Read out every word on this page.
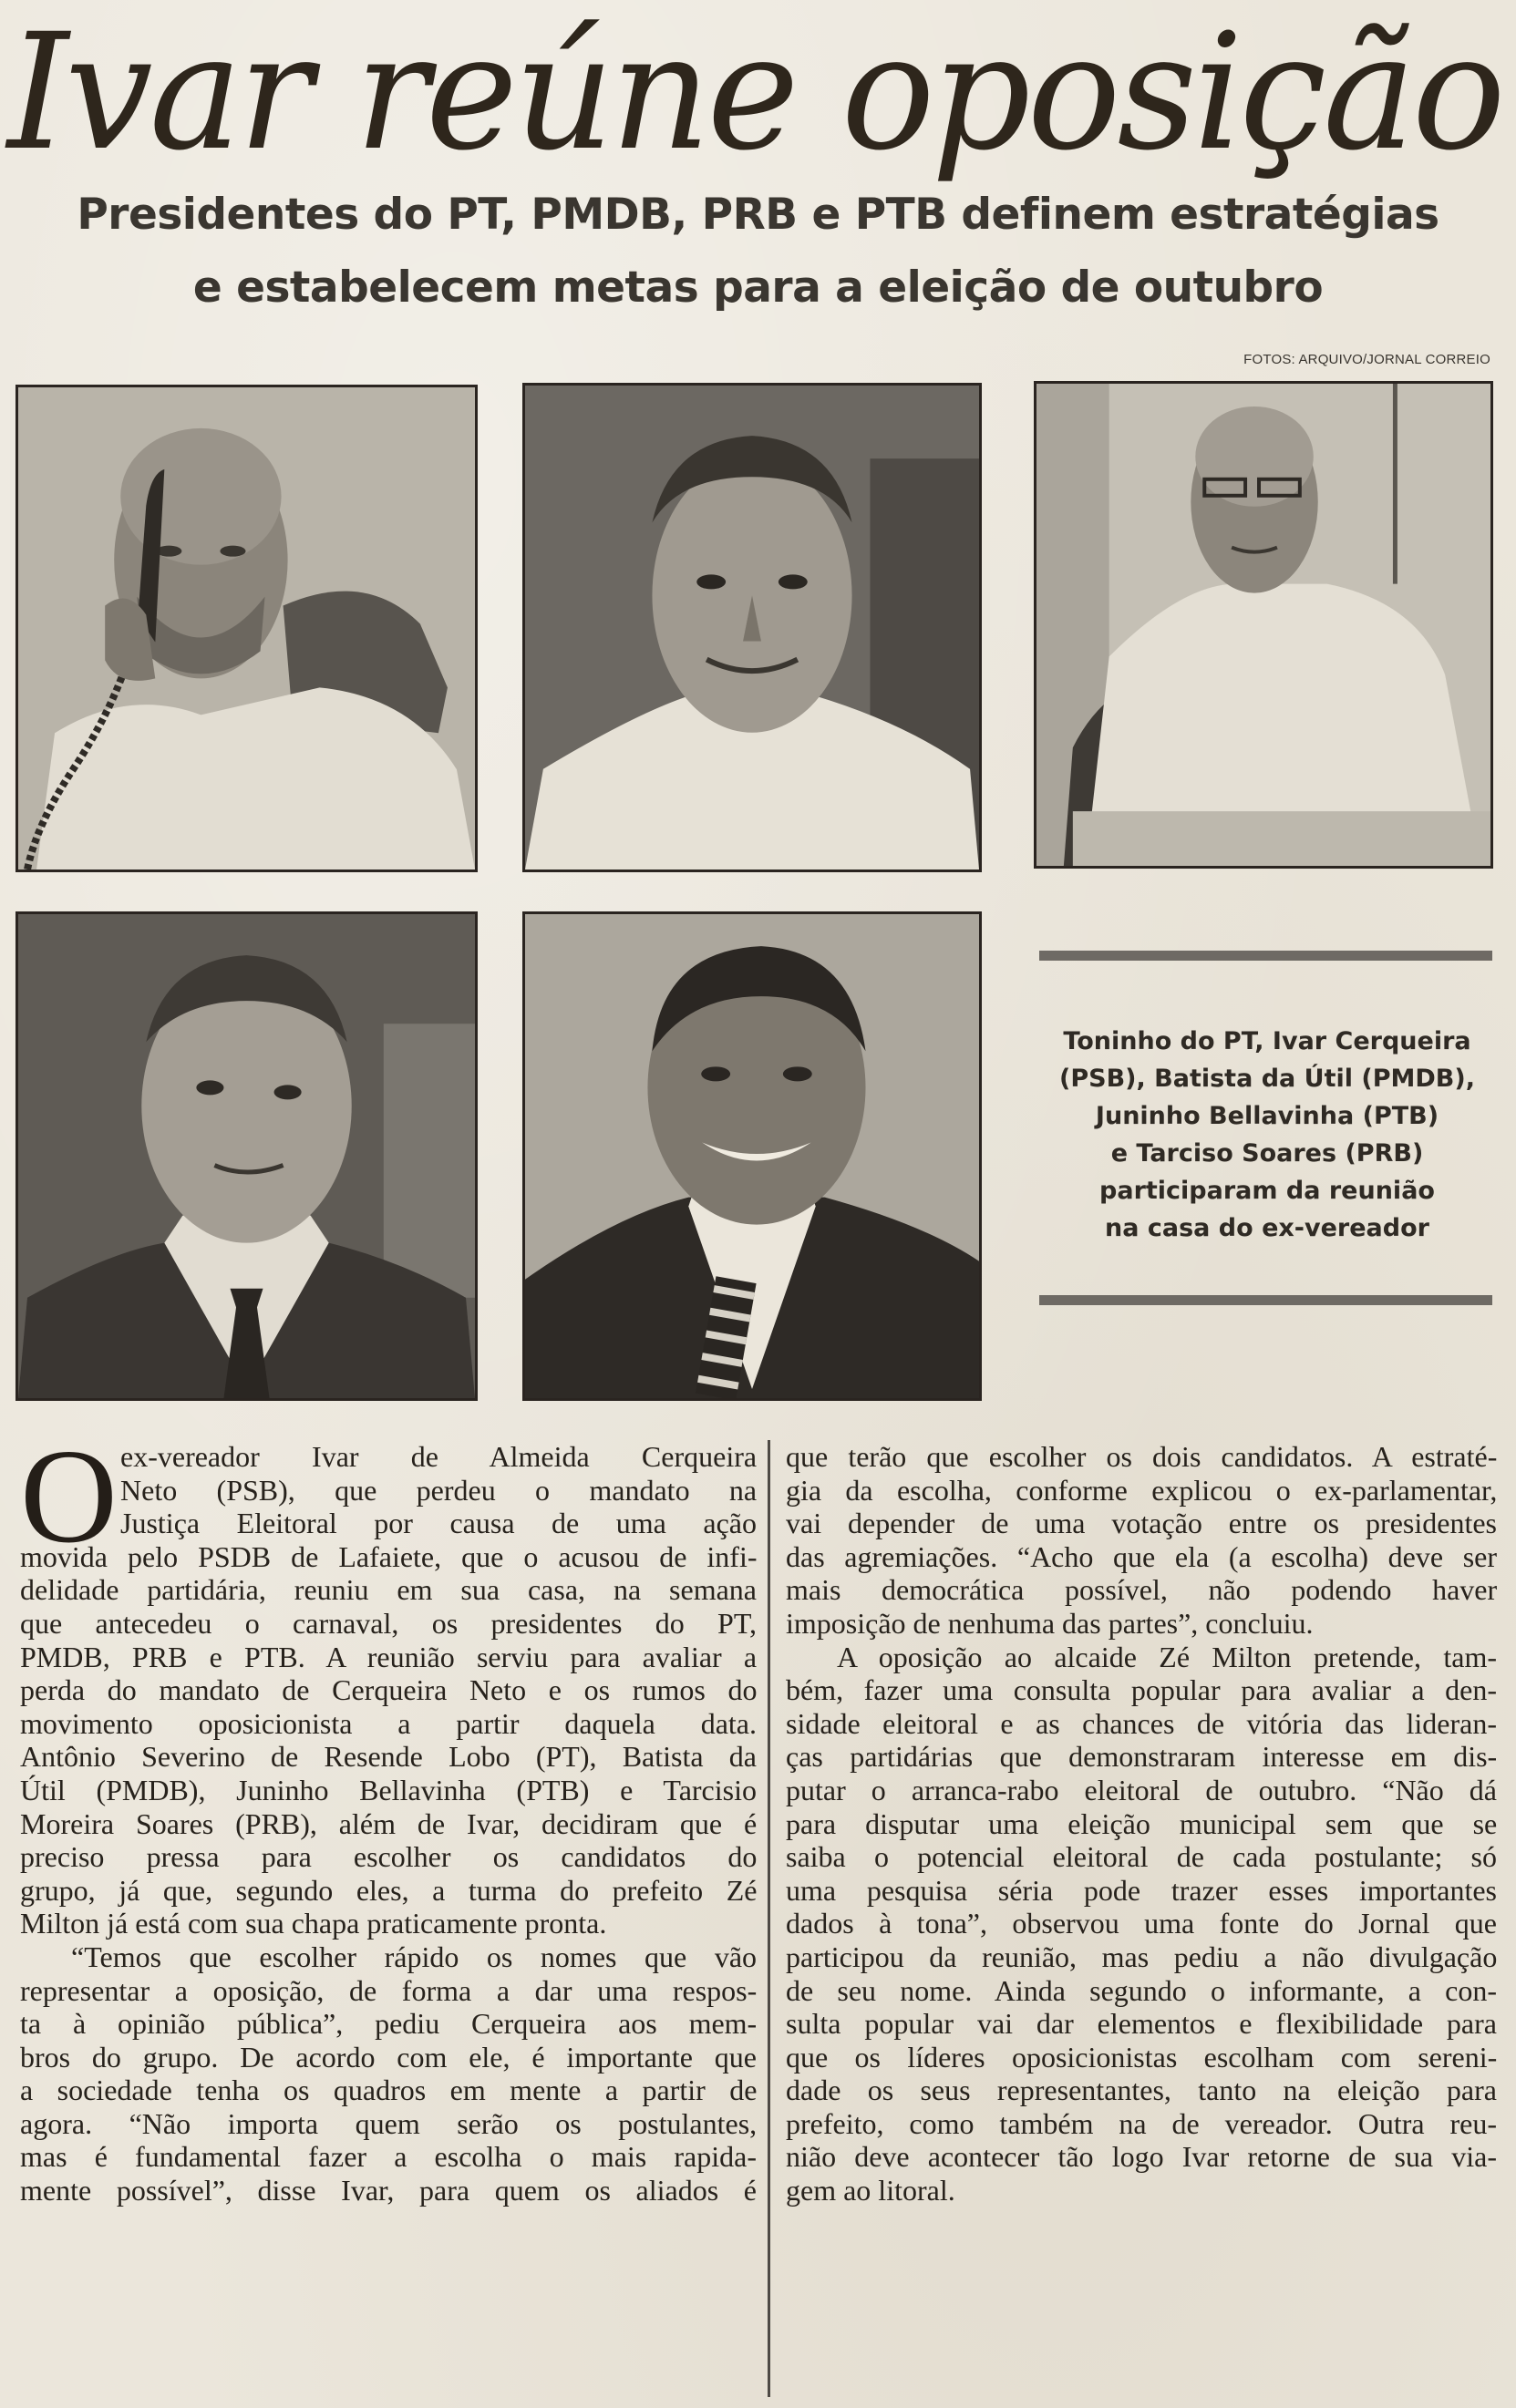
Ivar reúne oposição
Presidentes do PT, PMDB, PRB e PTB definem estratégias
e estabelecem metas para a eleição de outubro
FOTOS: ARQUIVO/JORNAL CORREIO
Toninho do PT, Ivar Cerqueira
(PSB), Batista da Útil (PMDB),
Juninho Bellavinha (PTB)
e Tarciso Soares (PRB)
participaram da reunião
na casa do ex-vereador
O ex-vereador Ivar de Almeida Cerqueira
Neto (PSB), que perdeu o mandato na
Justiça Eleitoral por causa de uma ação
movida pelo PSDB de Lafaiete, que o acusou de infi-
delidade partidária, reuniu em sua casa, na semana
que antecedeu o carnaval, os presidentes do PT,
PMDB, PRB e PTB. A reunião serviu para avaliar a
perda do mandato de Cerqueira Neto e os rumos do
movimento oposicionista a partir daquela data.
Antônio Severino de Resende Lobo (PT), Batista da
Útil (PMDB), Juninho Bellavinha (PTB) e Tarcisio
Moreira Soares (PRB), além de Ivar, decidiram que é
preciso pressa para escolher os candidatos do
grupo, já que, segundo eles, a turma do prefeito Zé
Milton já está com sua chapa praticamente pronta.
“Temos que escolher rápido os nomes que vão
representar a oposição, de forma a dar uma respos-
ta à opinião pública”, pediu Cerqueira aos mem-
bros do grupo. De acordo com ele, é importante que
a sociedade tenha os quadros em mente a partir de
agora. “Não importa quem serão os postulantes,
mas é fundamental fazer a escolha o mais rapida-
mente possível”, disse Ivar, para quem os aliados é
que terão que escolher os dois candidatos. A estraté-
gia da escolha, conforme explicou o ex-parlamentar,
vai depender de uma votação entre os presidentes
das agremiações. “Acho que ela (a escolha) deve ser
mais democrática possível, não podendo haver
imposição de nenhuma das partes”, concluiu.
A oposição ao alcaide Zé Milton pretende, tam-
bém, fazer uma consulta popular para avaliar a den-
sidade eleitoral e as chances de vitória das lideran-
ças partidárias que demonstraram interesse em dis-
putar o arranca-rabo eleitoral de outubro. “Não dá
para disputar uma eleição municipal sem que se
saiba o potencial eleitoral de cada postulante; só
uma pesquisa séria pode trazer esses importantes
dados à tona”, observou uma fonte do Jornal que
participou da reunião, mas pediu a não divulgação
de seu nome. Ainda segundo o informante, a con-
sulta popular vai dar elementos e flexibilidade para
que os líderes oposicionistas escolham com sereni-
dade os seus representantes, tanto na eleição para
prefeito, como também na de vereador. Outra reu-
nião deve acontecer tão logo Ivar retorne de sua via-
gem ao litoral.
